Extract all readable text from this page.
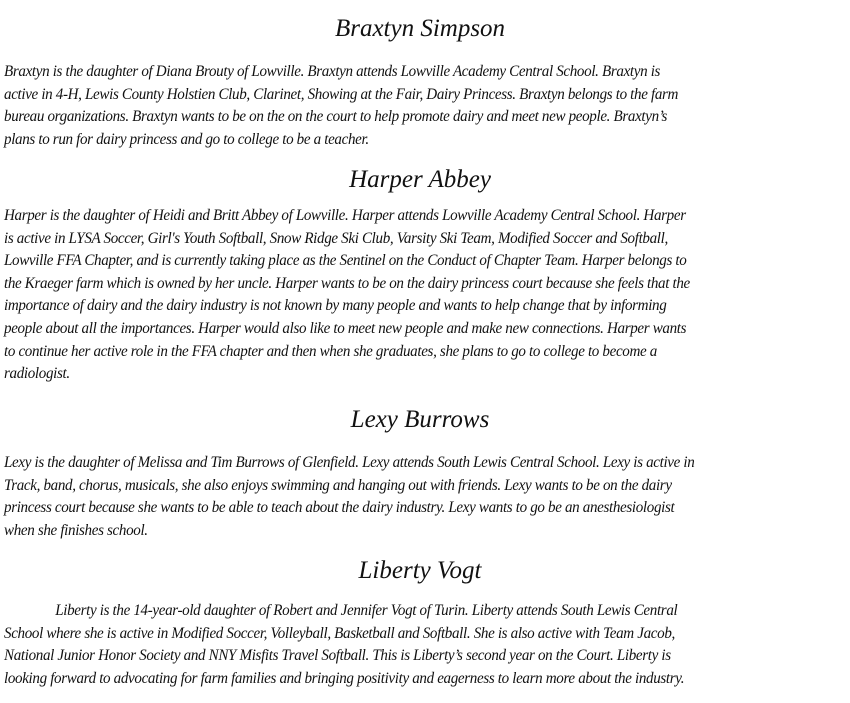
Braxtyn Simpson
Braxtyn is the daughter of Diana Brouty of Lowville. Braxtyn attends Lowville Academy Central School. Braxtyn is
active in 4-H, Lewis County Holstien Club, Clarinet, Showing at the Fair, Dairy Princess. Braxtyn belongs to the farm
bureau organizations. Braxtyn wants to be on the on the court to help promote dairy and meet new people. Braxtyn’s
plans to run for dairy princess and go to college to be a teacher.
Harper Abbey
Harper is the daughter of Heidi and Britt Abbey of Lowville. Harper attends Lowville Academy Central School. Harper
is active in LYSA Soccer, Girl's Youth Softball, Snow Ridge Ski Club, Varsity Ski Team, Modified Soccer and Softball,
Lowville FFA Chapter, and is currently taking place as the Sentinel on the Conduct of Chapter Team. Harper belongs to
the Kraeger farm which is owned by her uncle. Harper wants to be on the dairy princess court because she feels that the
importance of dairy and the dairy industry is not known by many people and wants to help change that by informing
people about all the importances. Harper would also like to meet new people and make new connections. Harper wants
to continue her active role in the FFA chapter and then when she graduates, she plans to go to college to become a
radiologist.
Lexy Burrows
Lexy is the daughter of Melissa and Tim Burrows of Glenfield. Lexy attends South Lewis Central School. Lexy is active in
Track, band, chorus, musicals, she also enjoys swimming and hanging out with friends. Lexy wants to be on the dairy
princess court because she wants to be able to teach about the dairy industry. Lexy wants to go be an anesthesiologist
when she finishes school.
Liberty Vogt
Liberty is the 14-year-old daughter of Robert and Jennifer Vogt of Turin. Liberty attends South Lewis Central
School where she is active in Modified Soccer, Volleyball, Basketball and Softball. She is also active with Team Jacob,
National Junior Honor Society and NNY Misfits Travel Softball. This is Liberty’s second year on the Court. Liberty is
looking forward to advocating for farm families and bringing positivity and eagerness to learn more about the industry.
